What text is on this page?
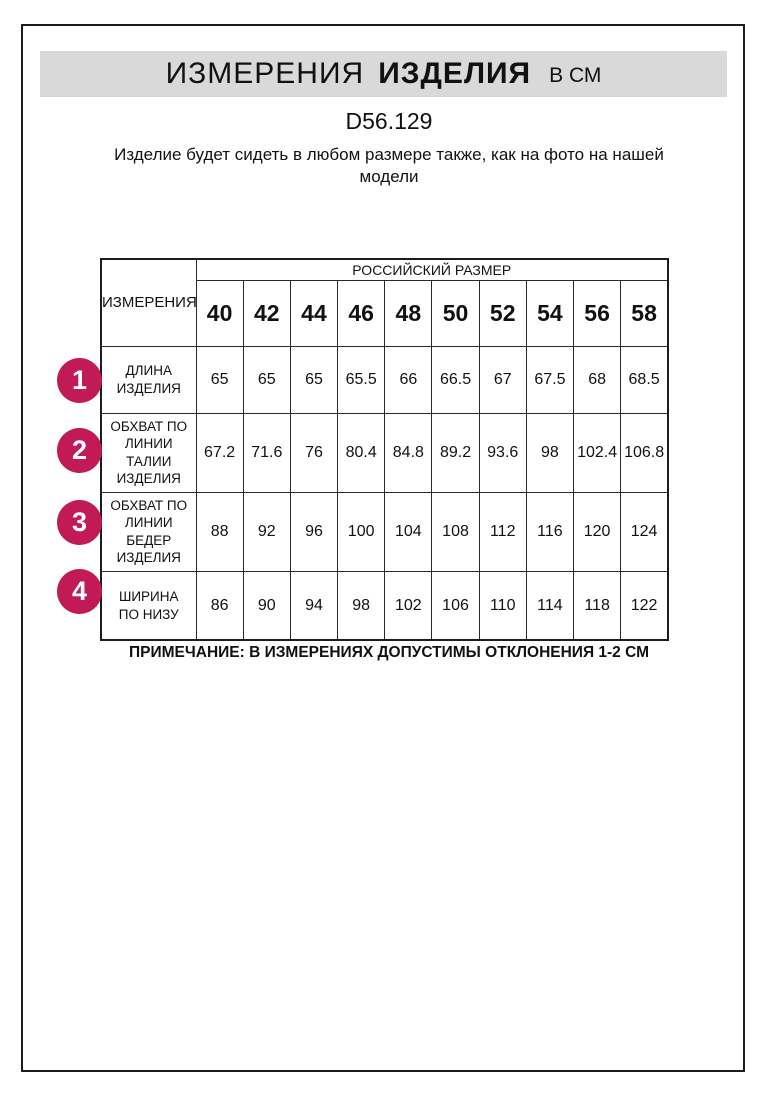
ИЗМЕРЕНИЯ ИЗДЕЛИЯ В СМ
D56.129
Изделие будет сидеть в любом размере также, как на фото на нашей модели
ИЗМЕРЕНИЯ	РОССИЙСКИЙ РАЗМЕР									
	40	42	44	46	48	50	52	54	56	58
ДЛИНА ИЗДЕЛИЯ	65	65	65	65.5	66	66.5	67	67.5	68	68.5
ОБХВАТ ПО ЛИНИИ ТАЛИИ ИЗДЕЛИЯ	67.2	71.6	76	80.4	84.8	89.2	93.6	98	102.4	106.8
ОБХВАТ ПО ЛИНИИ БЕДЕР ИЗДЕЛИЯ	88	92	96	100	104	108	112	116	120	124
ШИРИНА ПО НИЗУ	86	90	94	98	102	106	110	114	118	122
1
2
3
4
ПРИМЕЧАНИЕ: В ИЗМЕРЕНИЯХ ДОПУСТИМЫ ОТКЛОНЕНИЯ 1-2 СМ
